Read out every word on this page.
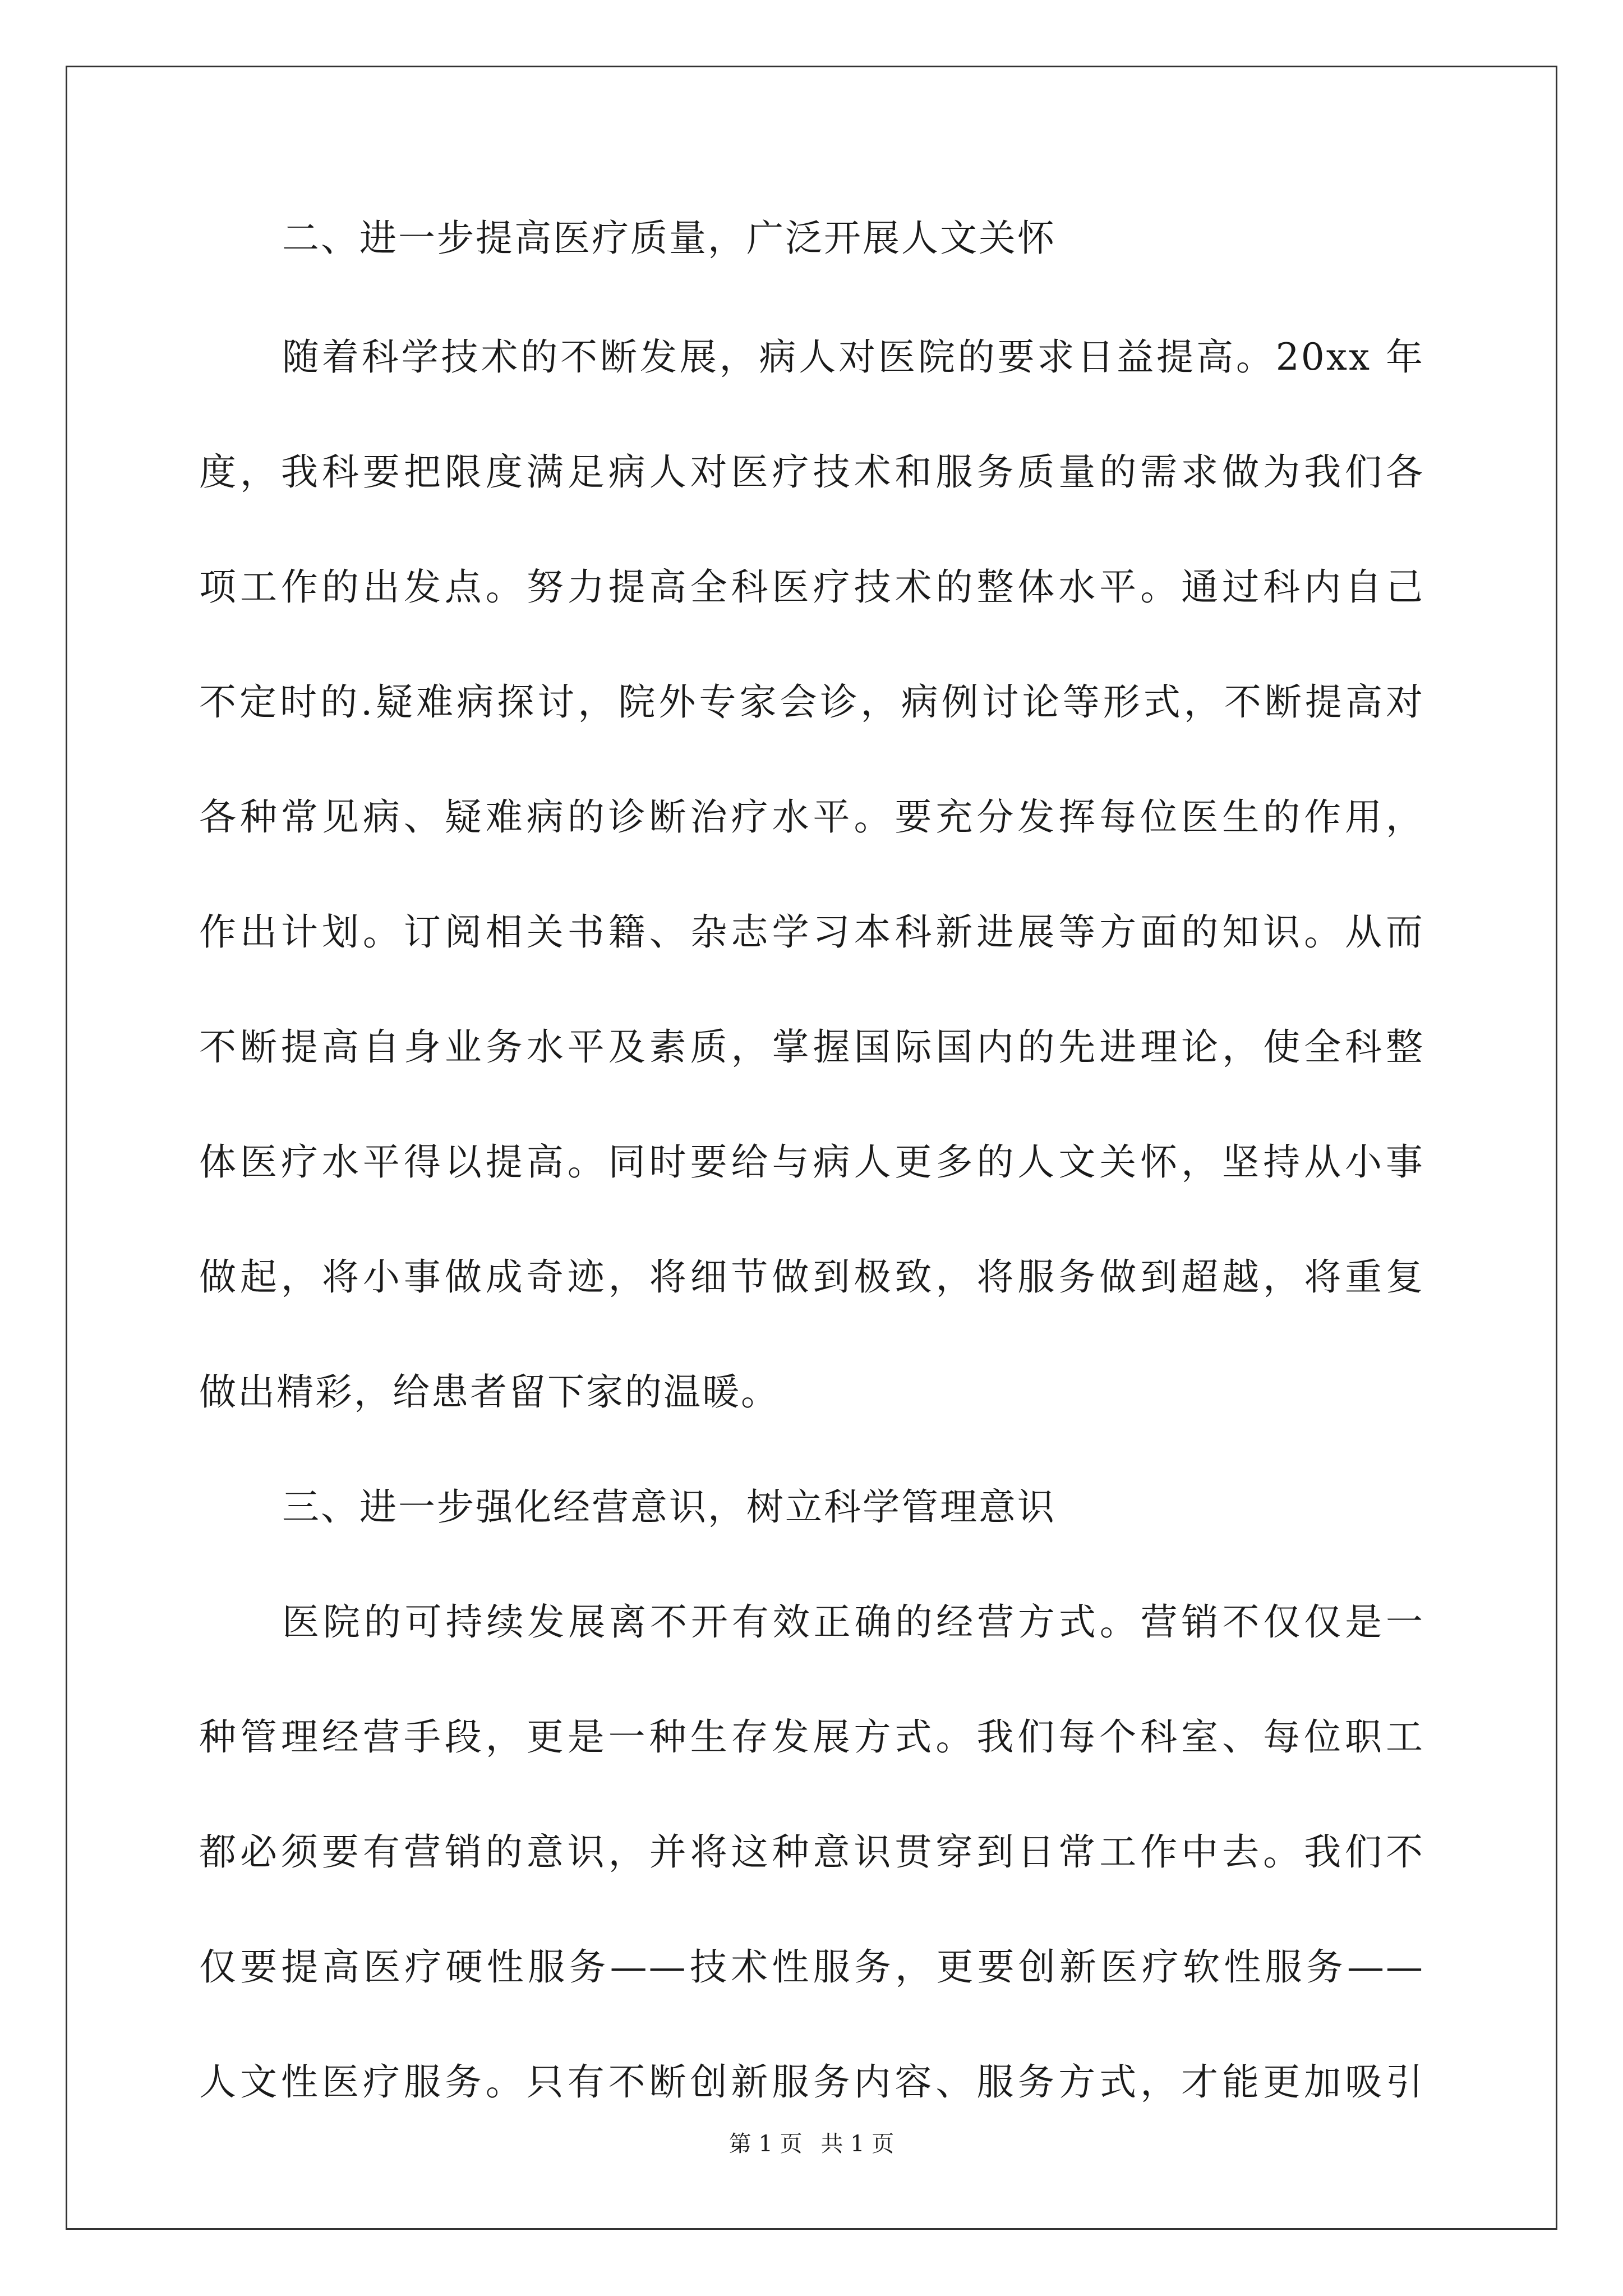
二、进一步提高医疗质量，广泛开展人文关怀
随着科学技术的不断发展，病人对医院的要求日益提高。20xx 年
度，我科要把限度满足病人对医疗技术和服务质量的需求做为我们各
项工作的出发点。努力提高全科医疗技术的整体水平。通过科内自己
不定时的.疑难病探讨，院外专家会诊，病例讨论等形式，不断提高对
各种常见病、疑难病的诊断治疗水平。要充分发挥每位医生的作用，
作出计划。订阅相关书籍、杂志学习本科新进展等方面的知识。从而
不断提高自身业务水平及素质，掌握国际国内的先进理论，使全科整
体医疗水平得以提高。同时要给与病人更多的人文关怀，坚持从小事
做起，将小事做成奇迹，将细节做到极致，将服务做到超越，将重复
做出精彩，给患者留下家的温暖。
三、进一步强化经营意识，树立科学管理意识
医院的可持续发展离不开有效正确的经营方式。营销不仅仅是一
种管理经营手段，更是一种生存发展方式。我们每个科室、每位职工
都必须要有营销的意识，并将这种意识贯穿到日常工作中去。我们不
仅要提高医疗硬性服务——技术性服务，更要创新医疗软性服务——
人文性医疗服务。只有不断创新服务内容、服务方式，才能更加吸引
第 1 页 共 1 页
